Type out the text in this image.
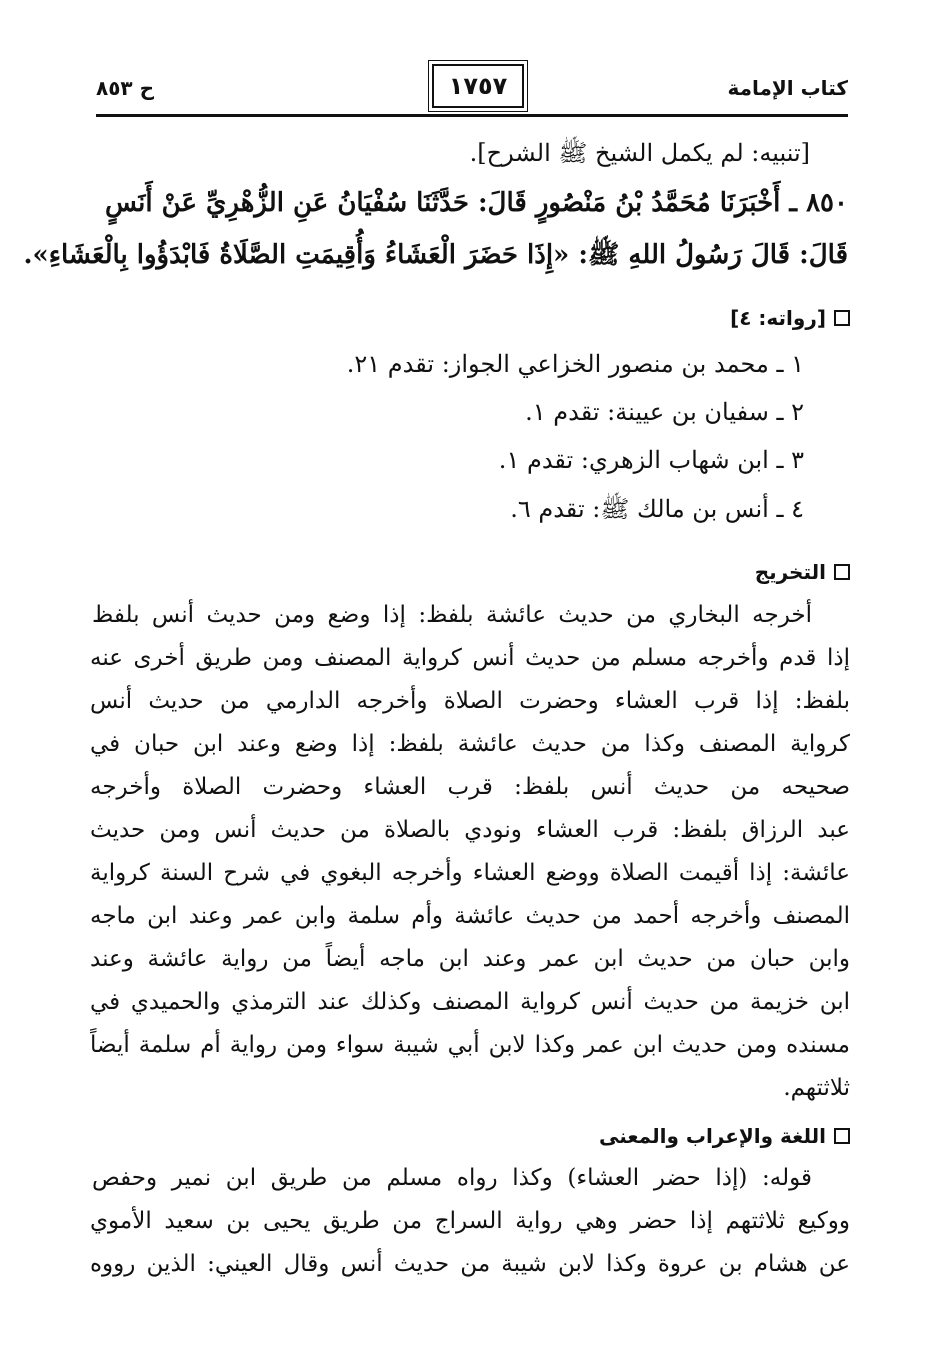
كتاب الإمامة
١٧٥٧
ح ٨٥٣
[تنبيه: لم يكمل الشيخ ﷺ الشرح].
٨٥٠ ـ أَخْبَرَنَا مُحَمَّدُ بْنُ مَنْصُورٍ قَالَ: حَدَّثَنَا سُفْيَانُ عَنِ الزُّهْرِيِّ عَنْ أَنَسٍ
قَالَ: قَالَ رَسُولُ اللهِ ﷺ: «إِذَا حَضَرَ الْعَشَاءُ وَأُقِيمَتِ الصَّلَاةُ فَابْدَؤُوا بِالْعَشَاءِ».
[رواته: ٤]
١ ـ محمد بن منصور الخزاعي الجواز: تقدم ٢١.
٢ ـ سفيان بن عيينة: تقدم ١.
٣ ـ ابن شهاب الزهري: تقدم ١.
٤ ـ أنس بن مالك ﷺ: تقدم ٦.
التخريج
أخرجه البخاري من حديث عائشة بلفظ: إذا وضع ومن حديث أنس بلفظ
إذا قدم وأخرجه مسلم من حديث أنس كرواية المصنف ومن طريق أخرى عنه
بلفظ: إذا قرب العشاء وحضرت الصلاة وأخرجه الدارمي من حديث أنس
كرواية المصنف وكذا من حديث عائشة بلفظ: إذا وضع وعند ابن حبان في
صحيحه من حديث أنس بلفظ: قرب العشاء وحضرت الصلاة وأخرجه
عبد الرزاق بلفظ: قرب العشاء ونودي بالصلاة من حديث أنس ومن حديث
عائشة: إذا أقيمت الصلاة ووضع العشاء وأخرجه البغوي في شرح السنة كرواية
المصنف وأخرجه أحمد من حديث عائشة وأم سلمة وابن عمر وعند ابن ماجه
وابن حبان من حديث ابن عمر وعند ابن ماجه أيضاً من رواية عائشة وعند
ابن خزيمة من حديث أنس كرواية المصنف وكذلك عند الترمذي والحميدي في
مسنده ومن حديث ابن عمر وكذا لابن أبي شيبة سواء ومن رواية أم سلمة أيضاً
ثلاثتهم.
اللغة والإعراب والمعنى
قوله: (إذا حضر العشاء) وكذا رواه مسلم من طريق ابن نمير وحفص
ووكيع ثلاثتهم إذا حضر وهي رواية السراج من طريق يحيى بن سعيد الأموي
عن هشام بن عروة وكذا لابن شيبة من حديث أنس وقال العيني: الذين رووه
